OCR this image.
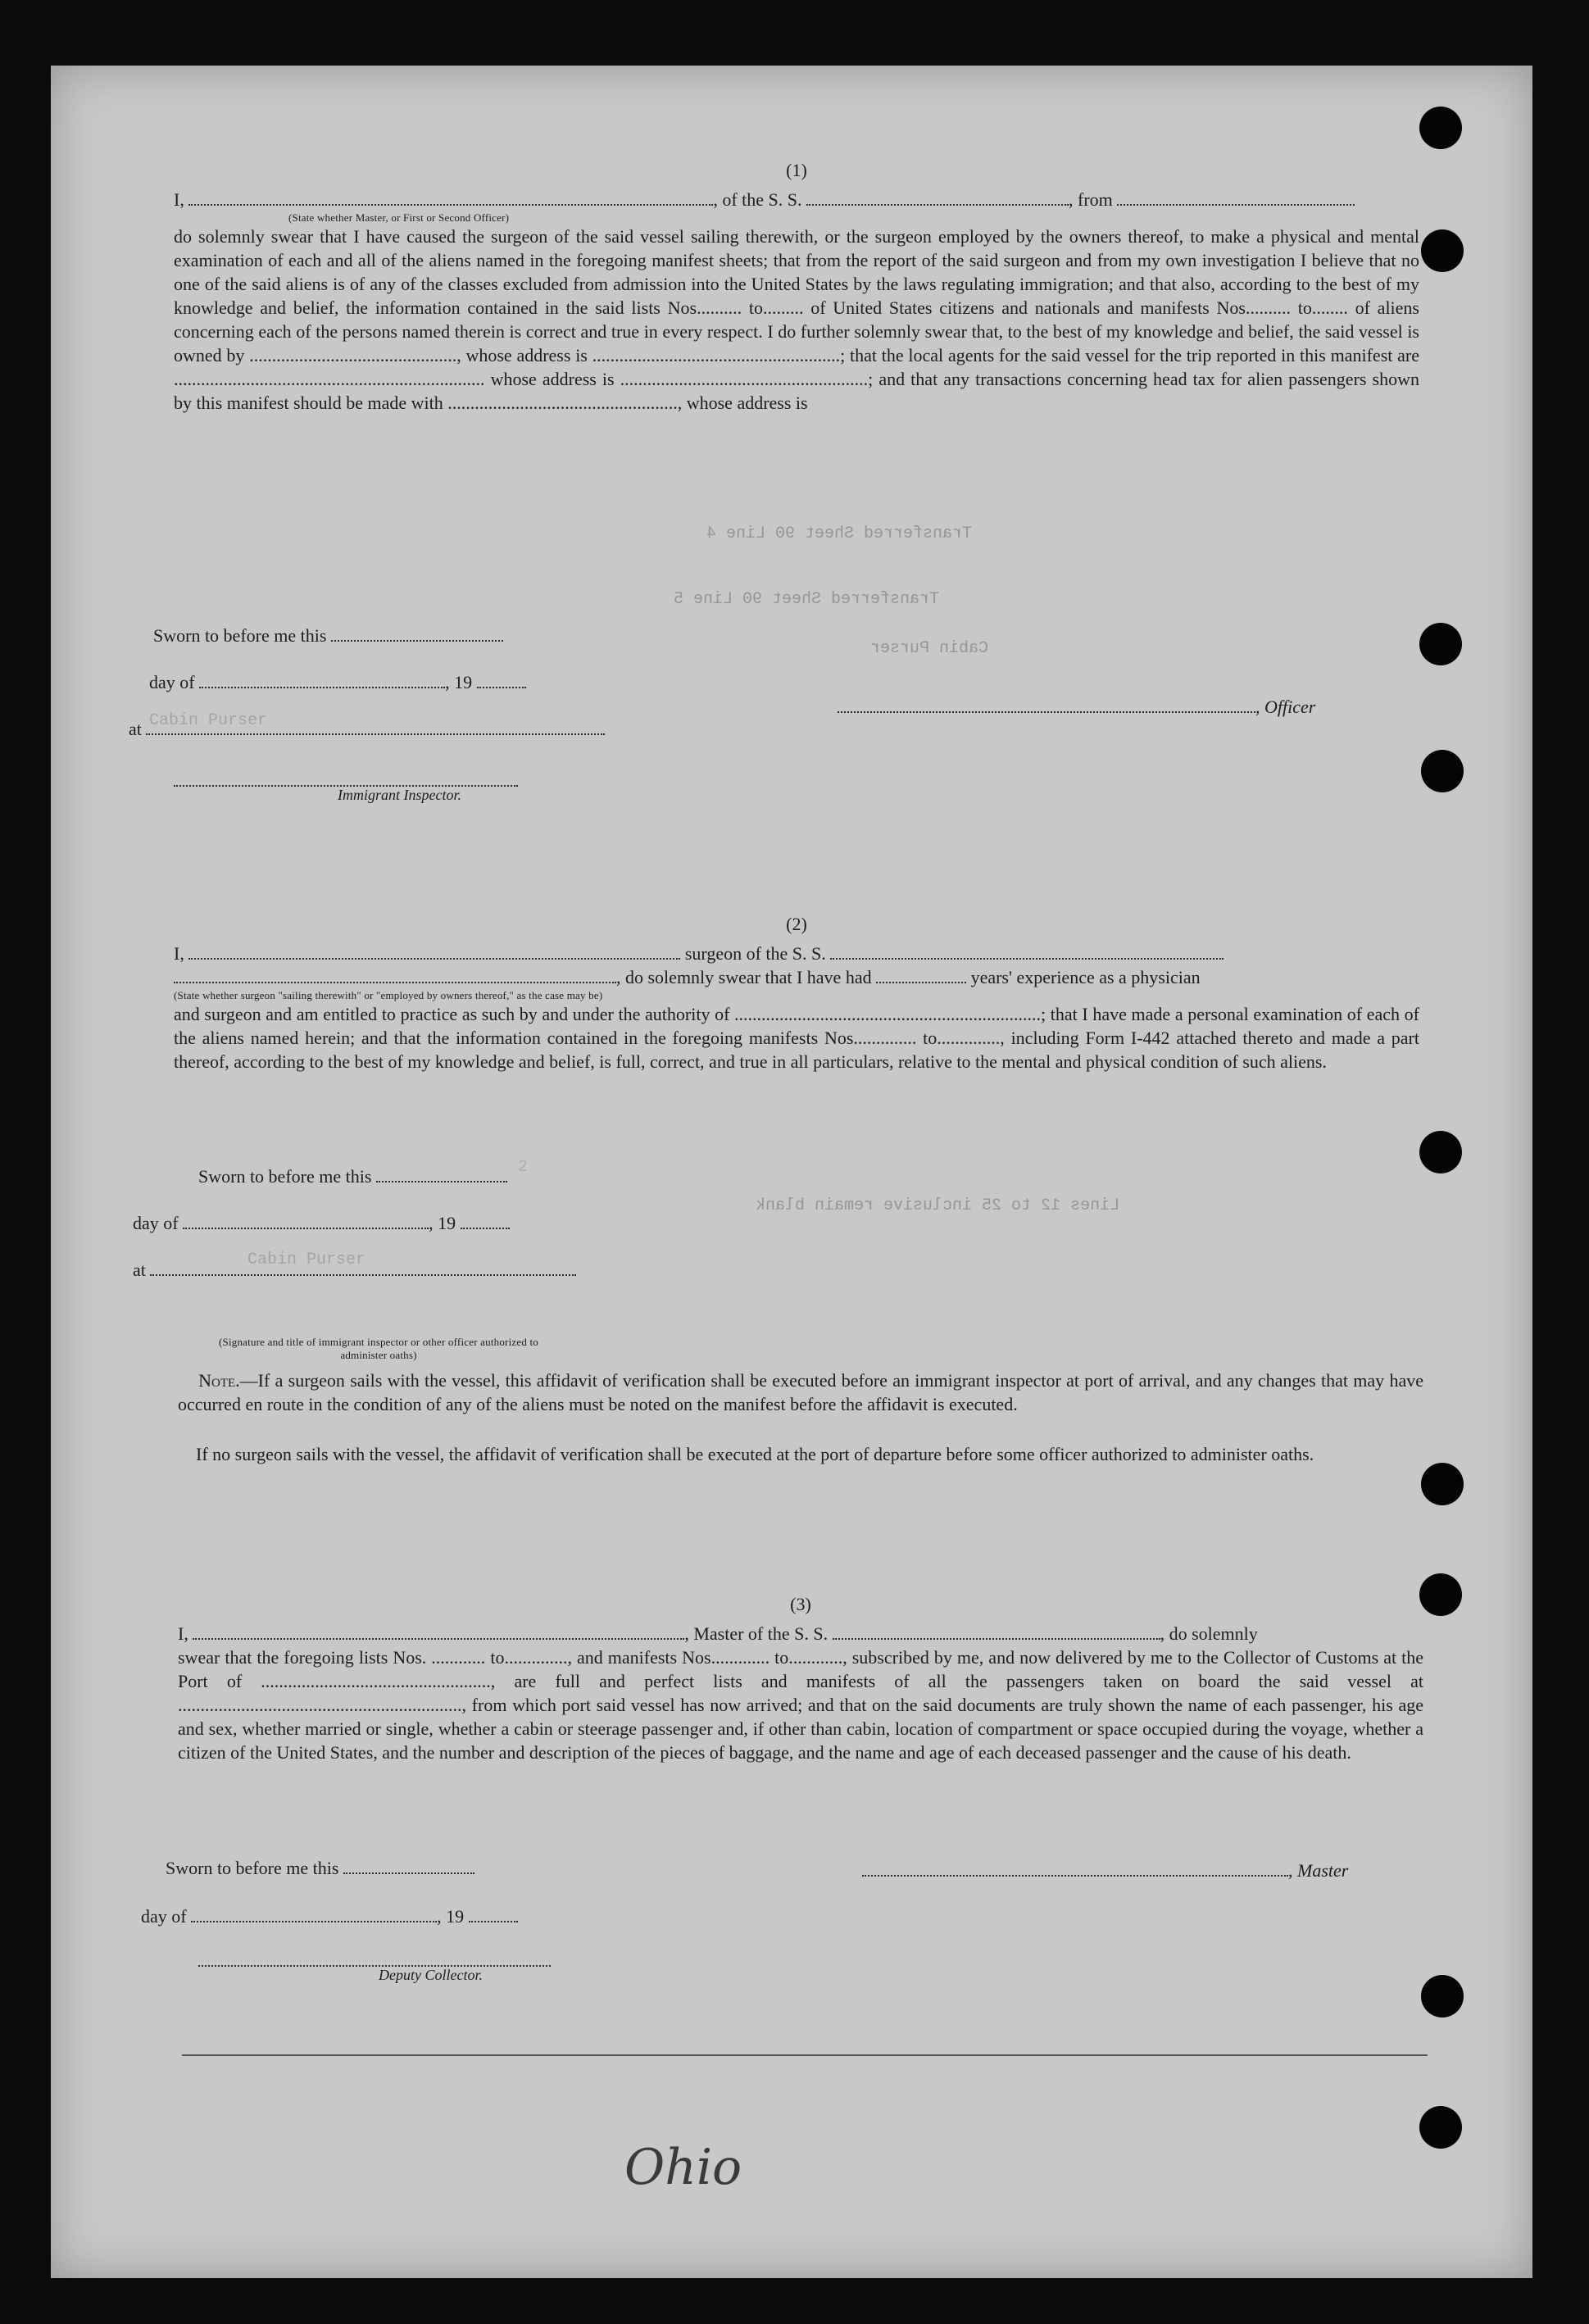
Transferred Sheet 90 Line 4
Transferred Sheet 90 Line 5
Cabin Purser
Lines 12 to 25 inclusive remain blank
(1)
I,	, of the S. S.	, from
(State whether Master, or First or Second Officer)
do solemnly swear that I have caused the surgeon of the said vessel sailing therewith, or the surgeon employed by the owners thereof, to make a physical and mental examination of each and all of the aliens named in the foregoing manifest sheets; that from the report of the said surgeon and from my own investigation I believe that no one of the said aliens is of any of the classes excluded from admission into the United States by the laws regulating immigration; and that also, according to the best of my knowledge and belief, the information contained in the said lists Nos.......... to......... of United States citizens and nationals and manifests Nos.......... to........ of aliens concerning each of the persons named therein is correct and true in every respect. I do further solemnly swear that, to the best of my knowledge and belief, the said vessel is owned by .............................................., whose address is .......................................................; that the local agents for the said vessel for the trip reported in this manifest are ..................................................................... whose address is .......................................................; and that any transactions concerning head tax for alien passengers shown by this manifest should be made with ..................................................., whose address is
Sworn to before me this
day of	, 19
at Cabin Purser
, Officer
Immigrant Inspector.
(2)
I,	surgeon of the S. S.
, do solemnly swear that I have had	years' experience as a physician
(State whether surgeon "sailing therewith" or "employed by owners thereof," as the case may be)
and surgeon and am entitled to practice as such by and under the authority of ....................................................................; that I have made a personal examination of each of the aliens named herein; and that the information contained in the foregoing manifests Nos.............. to.............., including Form I-442 attached thereto and made a part thereof, according to the best of my knowledge and belief, is full, correct, and true in all particulars, relative to the mental and physical condition of such aliens.
Sworn to before me this	2
day of	, 19
at	Cabin Purser
(Signature and title of immigrant inspector or other officer authorized to administer oaths)
Note.—If a surgeon sails with the vessel, this affidavit of verification shall be executed before an immigrant inspector at port of arrival, and any changes that may have occurred en route in the condition of any of the aliens must be noted on the manifest before the affidavit is executed.
If no surgeon sails with the vessel, the affidavit of verification shall be executed at the port of departure before some officer authorized to administer oaths.
(3)
I,	, Master of the S. S.	, do solemnly
swear that the foregoing lists Nos. ............ to.............., and manifests Nos............. to............, subscribed by me, and now delivered by me to the Collector of Customs at the Port of ..................................................., are full and perfect lists and manifests of all the passengers taken on board the said vessel at ..............................................................., from which port said vessel has now arrived; and that on the said documents are truly shown the name of each passenger, his age and sex, whether married or single, whether a cabin or steerage passenger and, if other than cabin, location of compartment or space occupied during the voyage, whether a citizen of the United States, and the number and description of the pieces of baggage, and the name and age of each deceased passenger and the cause of his death.
Sworn to before me this	, Master
day of	, 19
Deputy Collector.
Ohio
